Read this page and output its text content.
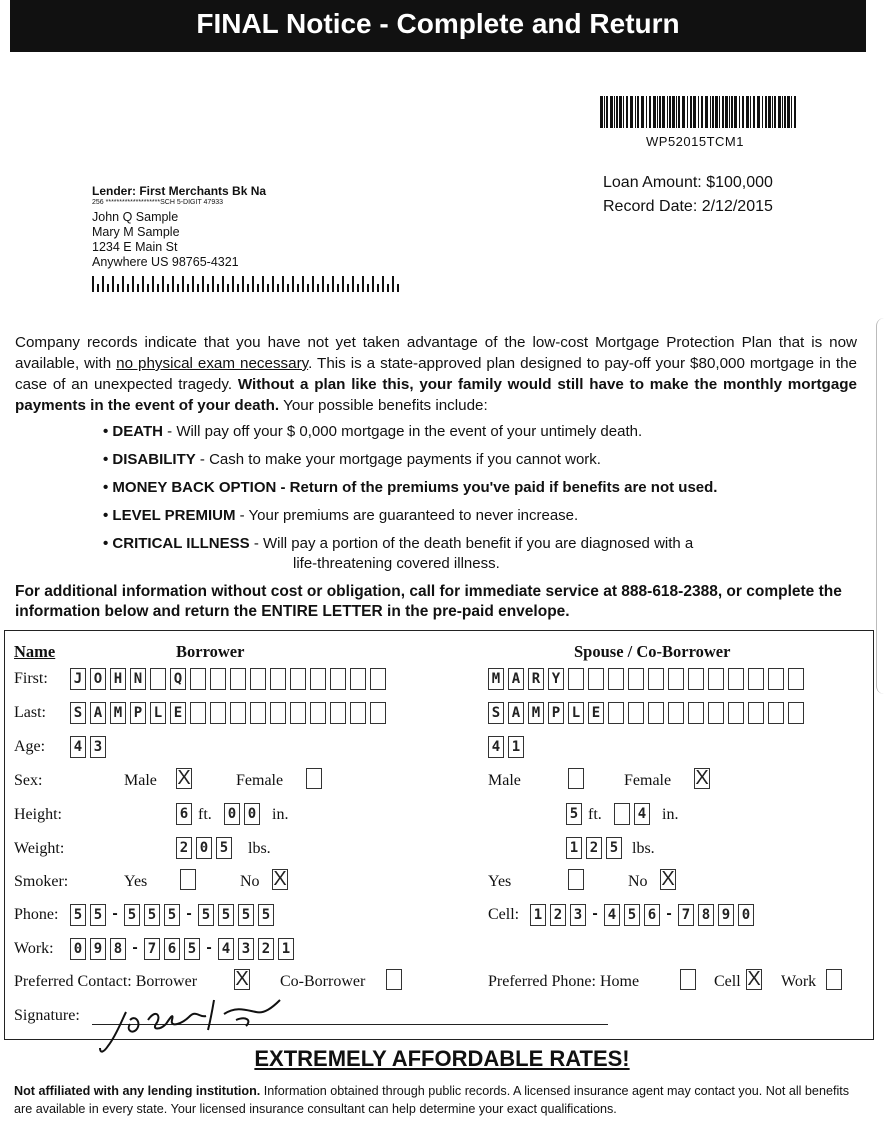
FINAL Notice - Complete and Return
WP52015TCM1
Lender: First Merchants Bk Na
256 ********************SCH 5-DIGIT 47933
John Q Sample
Mary M Sample
1234 E Main St
Anywhere US 98765-4321
Loan Amount: $100,000
Record Date: 2/12/2015
Company records indicate that you have not yet taken advantage of the low-cost Mortgage Protection Plan that is now available, with no physical exam necessary. This is a state-approved plan designed to pay-off your $80,000 mortgage in the case of an unexpected tragedy. Without a plan like this, your family would still have to make the monthly mortgage payments in the event of your death. Your possible benefits include:
• DEATH - Will pay off your $ 0,000 mortgage in the event of your untimely death.
• DISABILITY - Cash to make your mortgage payments if you cannot work.
• MONEY BACK OPTION - Return of the premiums you've paid if benefits are not used.
• LEVEL PREMIUM - Your premiums are guaranteed to never increase.
• CRITICAL ILLNESS - Will pay a portion of the death benefit if you are diagnosed with a
life-threatening covered illness.
For additional information without cost or obligation, call for immediate service at 888-618-2388, or complete the information below and return the ENTIRE LETTER in the pre-paid envelope.
Name	Borrower	Spouse / Co-Borrower
First: J O H N Q	M A R Y
Last: S A M P L E	S A M P L E
Age: 4 3	4 1
Sex:	Male X	Female	Male	Female X
Height:	6 ft. 0 0 in.	5 ft.	4 in.
Weight:	2 0 5 lbs.	1 2 5 lbs.
Smoker:	Yes	No X	Yes	No X
Phone: 5 5 - 5 5 5 - 5 5 5 5	Cell: 1 2 3 - 4 5 6 - 7 8 9 0
Work: 0 9 8 - 7 6 5 - 4 3 2 1
Preferred Contact: Borrower X Co-Borrower	Preferred Phone: Home	Cell X Work
Signature:
EXTREMELY AFFORDABLE RATES!
Not affiliated with any lending institution. Information obtained through public records. A licensed insurance agent may contact you. Not all benefits are available in every state. Your licensed insurance consultant can help determine your exact qualifications.
